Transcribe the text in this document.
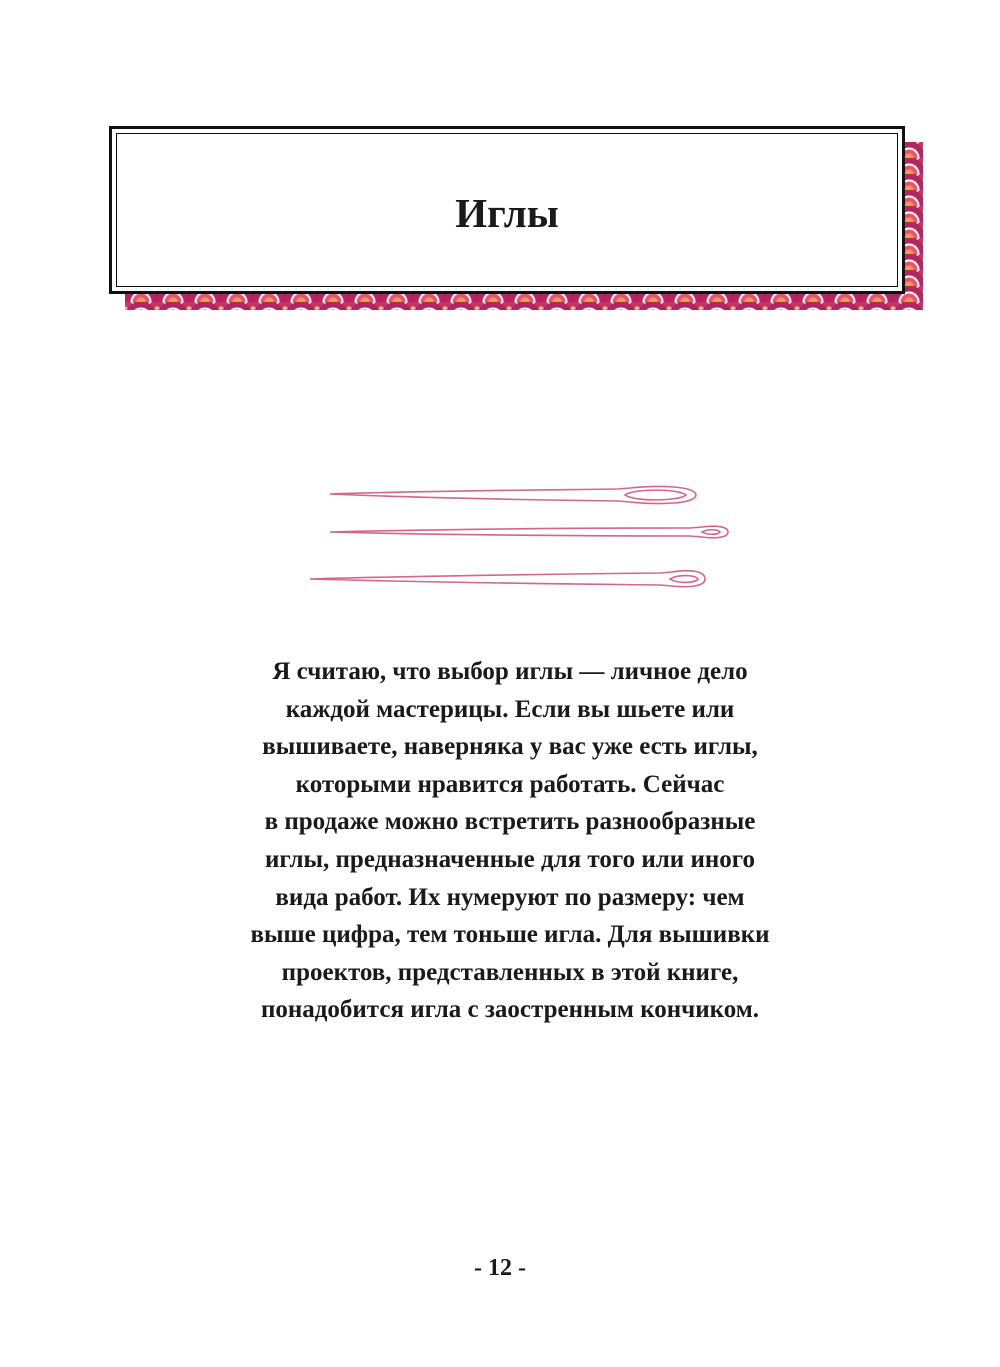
Иглы

Я считаю, что выбор иглы — личное дело
каждой мастерицы. Если вы шьете или
вышиваете, наверняка у вас уже есть иглы,
которыми нравится работать. Сейчас
в продаже можно встретить разнообразные
иглы, предназначенные для того или иного
вида работ. Их нумеруют по размеру: чем
выше цифра, тем тоньше игла. Для вышивки
проектов, представленных в этой книге,
понадобится игла с заостренным кончиком.

- 12 -
